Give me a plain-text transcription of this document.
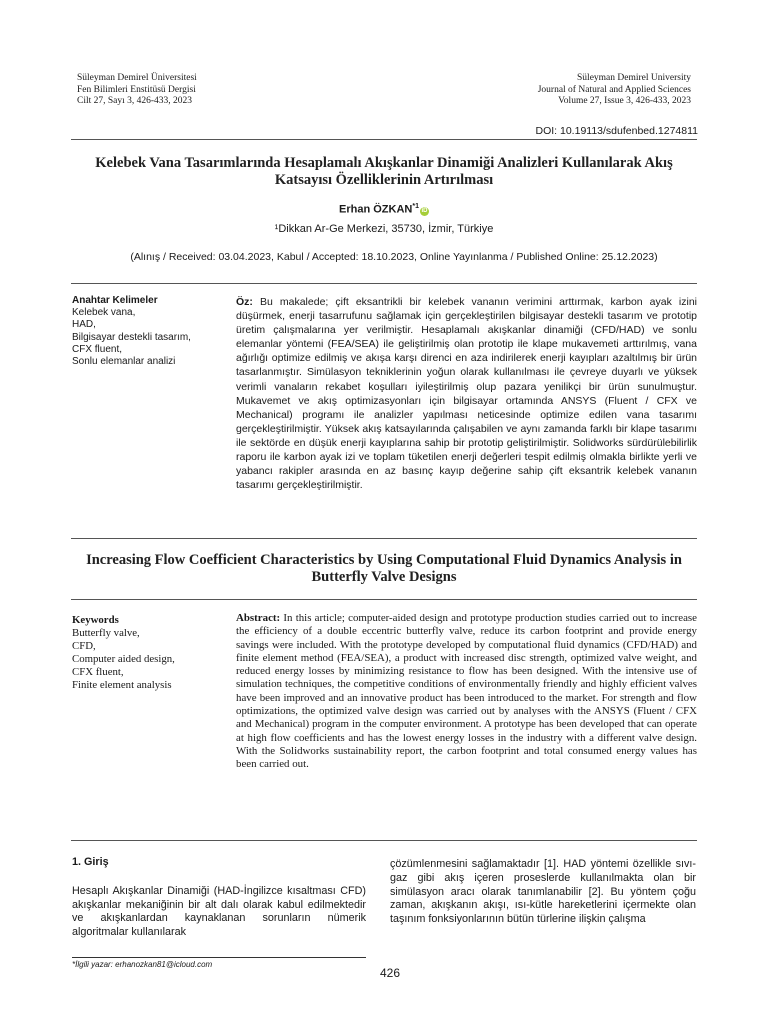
Süleyman Demirel Üniversitesi
Fen Bilimleri Enstitüsü Dergisi
Cilt 27, Sayı 3, 426-433, 2023
Süleyman Demirel University
Journal of Natural and Applied Sciences
Volume 27, Issue 3, 426-433, 2023
DOI: 10.19113/sdufenbed.1274811
Kelebek Vana Tasarımlarında Hesaplamalı Akışkanlar Dinamiği Analizleri Kullanılarak Akış Katsayısı Özelliklerinin Artırılması
Erhan ÖZKAN$^{*1}$iD
¹Dikkan Ar-Ge Merkezi, 35730, İzmir, Türkiye
(Alınış / Received: 03.04.2023, Kabul / Accepted: 18.10.2023, Online Yayınlanma / Published Online: 25.12.2023)
Anahtar Kelimeler
Kelebek vana,
HAD,
Bilgisayar destekli tasarım,
CFX fluent,
Sonlu elemanlar analizi
Öz: Bu makalede; çift eksantrikli bir kelebek vananın verimini arttırmak, karbon ayak izini düşürmek, enerji tasarrufunu sağlamak için gerçekleştirilen bilgisayar destekli tasarım ve prototip üretim çalışmalarına yer verilmiştir. Hesaplamalı akışkanlar dinamiği (CFD/HAD) ve sonlu elemanlar yöntemi (FEA/SEA) ile geliştirilmiş olan prototip ile klape mukavemeti arttırılmış, vana ağırlığı optimize edilmiş ve akışa karşı direnci en aza indirilerek enerji kayıpları azaltılmış bir ürün tasarlanmıştır. Simülasyon tekniklerinin yoğun olarak kullanılması ile çevreye duyarlı ve yüksek verimli vanaların rekabet koşulları iyileştirilmiş olup pazara yenilikçi bir ürün sunulmuştur. Mukavemet ve akış optimizasyonları için bilgisayar ortamında ANSYS (Fluent / CFX ve Mechanical) programı ile analizler yapılması neticesinde optimize edilen vana tasarımı gerçekleştirilmiştir. Yüksek akış katsayılarında çalışabilen ve aynı zamanda farklı bir klape tasarımı ile sektörde en düşük enerji kayıplarına sahip bir prototip geliştirilmiştir. Solidworks sürdürülebilirlik raporu ile karbon ayak izi ve toplam tüketilen enerji değerleri tespit edilmiş olmakla birlikte yerli ve yabancı rakipler arasında en az basınç kayıp değerine sahip çift eksantrik kelebek vananın tasarımı gerçekleştirilmiştir.
Increasing Flow Coefficient Characteristics by Using Computational Fluid Dynamics Analysis in Butterfly Valve Designs
Keywords
Butterfly valve,
CFD,
Computer aided design,
CFX fluent,
Finite element analysis
Abstract: In this article; computer-aided design and prototype production studies carried out to increase the efficiency of a double eccentric butterfly valve, reduce its carbon footprint and provide energy savings were included. With the prototype developed by computational fluid dynamics (CFD/HAD) and finite element method (FEA/SEA), a product with increased disc strength, optimized valve weight, and reduced energy losses by minimizing resistance to flow has been designed. With the intensive use of simulation techniques, the competitive conditions of environmentally friendly and highly efficient valves have been improved and an innovative product has been introduced to the market. For strength and flow optimizations, the optimized valve design was carried out by analyses with the ANSYS (Fluent / CFX and Mechanical) program in the computer environment. A prototype has been developed that can operate at high flow coefficients and has the lowest energy losses in the industry with a different valve design. With the Solidworks sustainability report, the carbon footprint and total consumed energy values has been carried out.
1. Giriş
Hesaplı Akışkanlar Dinamiği (HAD-İngilizce kısaltması CFD) akışkanlar mekaniğinin bir alt dalı olarak kabul edilmektedir ve akışkanlardan kaynaklanan sorunların nümerik algoritmalar kullanılarak
çözümlenmesini sağlamaktadır [1]. HAD yöntemi özellikle sıvı-gaz gibi akış içeren proseslerde kullanılmakta olan bir simülasyon aracı olarak tanımlanabilir [2]. Bu yöntem çoğu zaman, akışkanın akışı, ısı-kütle hareketlerini içermekte olan taşınım fonksiyonlarının bütün türlerine ilişkin çalışma
*İlgili yazar: erhanozkan81@icloud.com
426
